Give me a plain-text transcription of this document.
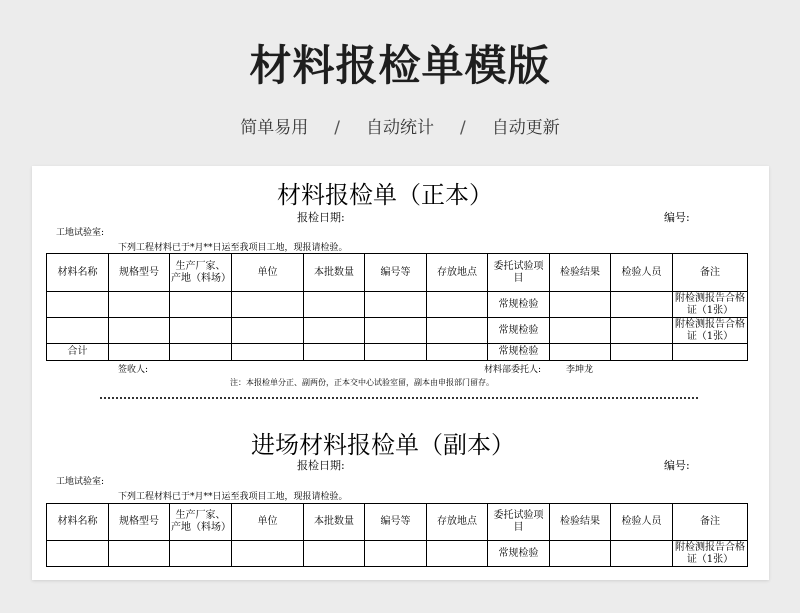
材料报检单模版
简单易用 / 自动统计 / 自动更新
材料报检单（正本）
报检日期:	编号:
工地试验室:
下列工程材料已于*月**日运至我项目工地，现报请检验。
材料名称	规格型号	生产厂家、产地（料场）	单位	本批数量	编号等	存放地点	委托试验项目	检验结果	检验人员	备注
							常规检验			附检测报告合格证（1张）
							常规检验			附检测报告合格证（1张）
合计							常规检验			
签收人:	材料部委托人:	李坤龙
注：本报检单分正、副两份，正本交中心试验室留，副本由申报部门留存。
进场材料报检单（副本）
报检日期:	编号:
工地试验室:
下列工程材料已于*月**日运至我项目工地，现报请检验。
材料名称	规格型号	生产厂家、产地（料场）	单位	本批数量	编号等	存放地点	委托试验项目	检验结果	检验人员	备注
							常规检验			附检测报告合格证（1张）
